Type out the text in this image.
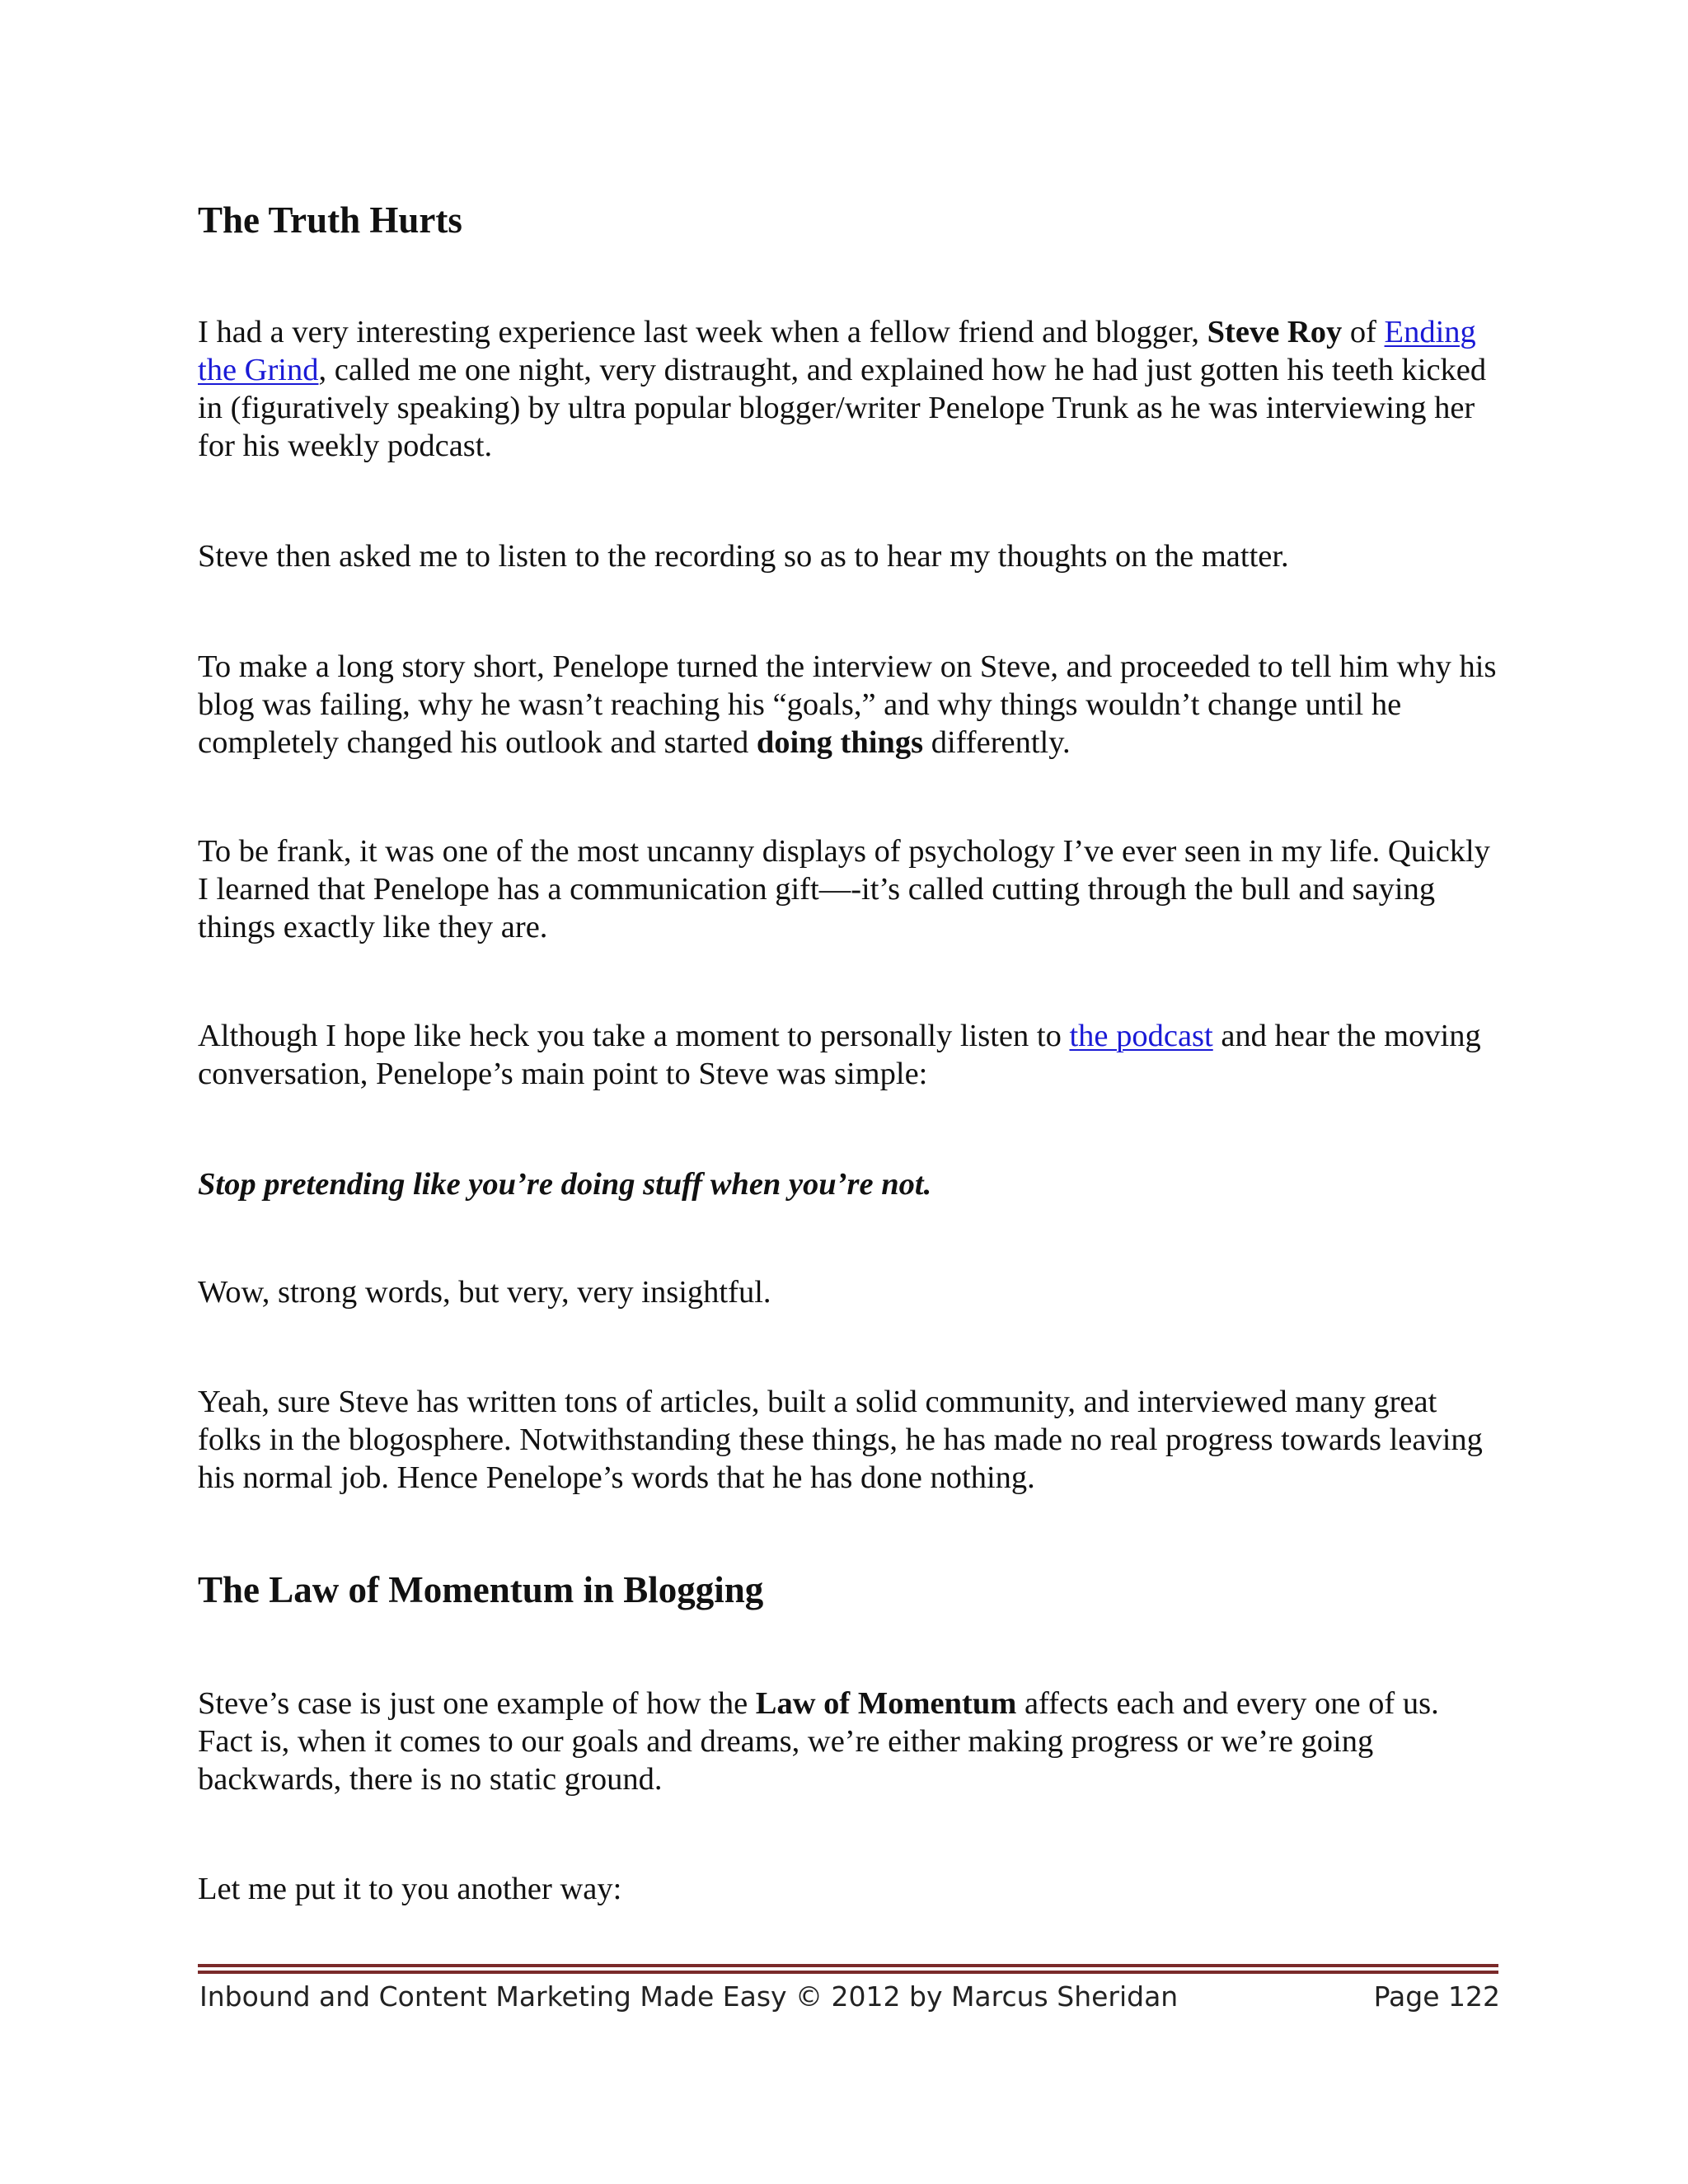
The Truth Hurts

I had a very interesting experience last week when a fellow friend and blogger, Steve Roy of Ending the Grind, called me one night, very distraught, and explained how he had just gotten his teeth kicked in (figuratively speaking) by ultra popular blogger/writer Penelope Trunk as he was interviewing her for his weekly podcast.

Steve then asked me to listen to the recording so as to hear my thoughts on the matter.

To make a long story short, Penelope turned the interview on Steve, and proceeded to tell him why his blog was failing, why he wasn’t reaching his “goals,” and why things wouldn’t change until he completely changed his outlook and started doing things differently.

To be frank, it was one of the most uncanny displays of psychology I’ve ever seen in my life. Quickly I learned that Penelope has a communication gift—-it’s called cutting through the bull and saying things exactly like they are.

Although I hope like heck you take a moment to personally listen to the podcast and hear the moving conversation, Penelope’s main point to Steve was simple:

Stop pretending like you’re doing stuff when you’re not.

Wow, strong words, but very, very insightful.

Yeah, sure Steve has written tons of articles, built a solid community, and interviewed many great folks in the blogosphere. Notwithstanding these things, he has made no real progress towards leaving his normal job. Hence Penelope’s words that he has done nothing.

The Law of Momentum in Blogging

Steve’s case is just one example of how the Law of Momentum affects each and every one of us. Fact is, when it comes to our goals and dreams, we’re either making progress or we’re going backwards, there is no static ground.

Let me put it to you another way:

Inbound and Content Marketing Made Easy © 2012 by Marcus Sheridan	Page 122
